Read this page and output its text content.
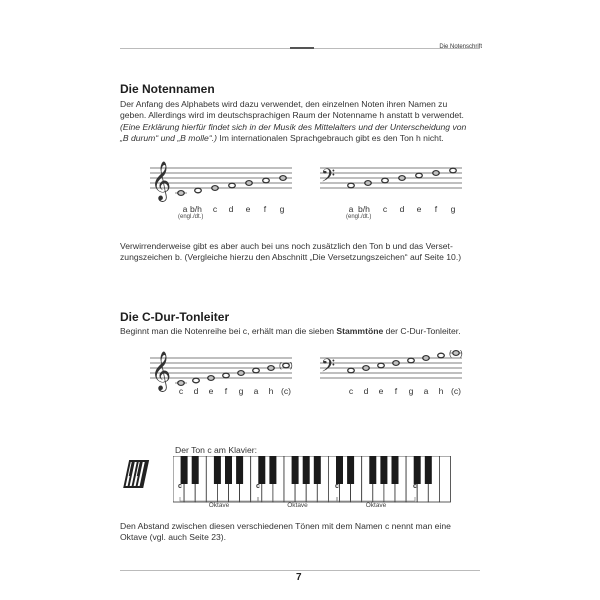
Die Notenschrift
Die Notennamen
Der Anfang des Alphabets wird dazu verwendet, den einzelnen Noten ihren Namen zu
geben. Allerdings wird im deutschsprachigen Raum der Notenname h anstatt b verwendet.
(Eine Erklärung hierfür findet sich in der Musik des Mittelalters und der Unterscheidung von
„B durum“ und „B molle“.) Im internationalen Sprachgebrauch gibt es den Ton h nicht.
𝄞
a b/h	c	d	e	f	g
(engl./dt.)
𝄢
a b/h	c	d	e	f	g
(engl./dt.)
Verwirrenderweise gibt es aber auch bei uns noch zusätzlich den Ton b und das Verset-
zungszeichen b. (Vergleiche hierzu den Abschnitt „Die Versetzungszeichen“ auf Seite 10.)
Die C-Dur-Tonleiter
Beginnt man die Notenreihe bei c, erhält man die sieben Stammtöne der C-Dur-Tonleiter.
𝄞	( )
c	d	e	f	g	a	h (c)
𝄢
( )
c	d	e	f	g	a	h (c)
Der Ton c am Klavier:
c	c	c	c
Oktave	Oktave	Oktave
Den Abstand zwischen diesen verschiedenen Tönen mit dem Namen c nennt man eine
Oktave (vgl. auch Seite 23).
7
